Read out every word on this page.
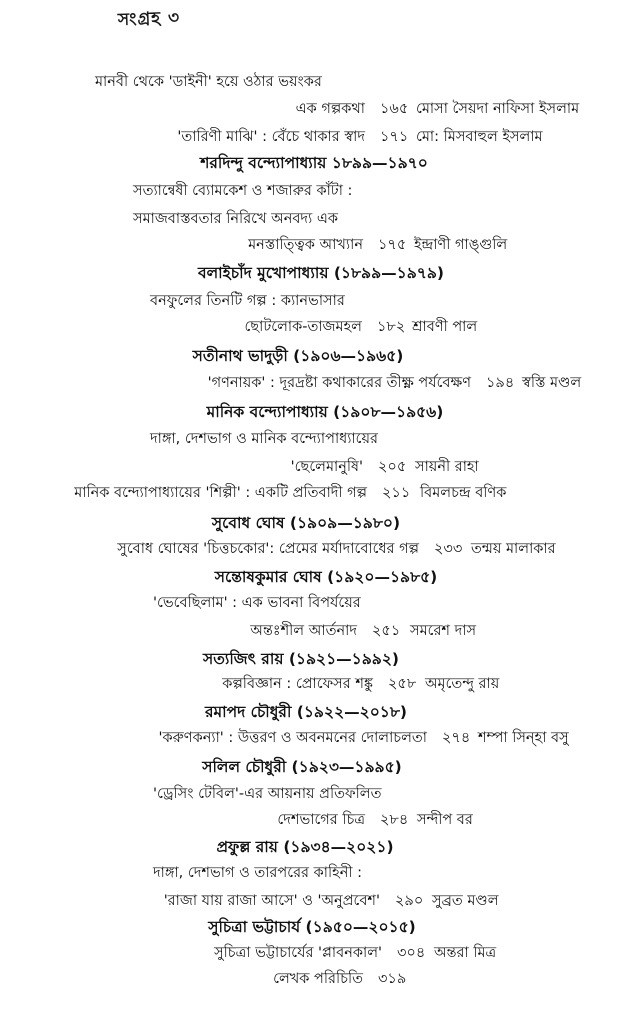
সংগ্রহ ৩
মানবী থেকে 'ডাইনী' হয়ে ওঠার ভয়ংকর
এক গল্পকথা ১৬৫ মোসা সৈয়দা নাফিসা ইসলাম
'তারিণী মাঝি' : বেঁচে থাকার স্বাদ ১৭১ মো: মিসবাহুল ইসলাম
শরদিন্দু বন্দ্যোপাধ্যায় ১৮৯৯—১৯৭০
সত্যান্বেষী ব্যোমকেশ ও শজারুর কাঁটা :
সমাজবাস্তবতার নিরিখে অনবদ্য এক
মনস্তাত্ত্বিক আখ্যান ১৭৫ ইন্দ্রাণী গাঙ্গুলি
বলাইচাঁদ মুখোপাধ্যায় (১৮৯৯—১৯৭৯)
বনফুলের তিনটি গল্প : ক্যানভাসার
ছোটলোক-তাজমহল ১৮২ শ্রাবণী পাল
সতীনাথ ভাদুড়ী (১৯০৬—১৯৬৫)
'গণনায়ক' : দূরদ্রষ্টা কথাকারের তীক্ষ্ণ পর্যবেক্ষণ ১৯৪ স্বস্তি মণ্ডল
মানিক বন্দ্যোপাধ্যায় (১৯০৮—১৯৫৬)
দাঙ্গা, দেশভাগ ও মানিক বন্দ্যোপাধ্যায়ের
'ছেলেমানুষি' ২০৫ সায়নী রাহা
মানিক বন্দ্যোপাধ্যায়ের 'শিল্পী' : একটি প্রতিবাদী গল্প ২১১ বিমলচন্দ্র বণিক
সুবোধ ঘোষ (১৯০৯—১৯৮০)
সুবোধ ঘোষের 'চিত্তচকোর': প্রেমের মর্যাদাবোধের গল্প ২৩৩ তন্ময় মালাকার
সন্তোষকুমার ঘোষ (১৯২০—১৯৮৫)
'ভেবেছিলাম' : এক ভাবনা বিপর্যয়ের
অন্তঃশীল আর্তনাদ ২৫১ সমরেশ দাস
সত্যজিৎ রায় (১৯২১—১৯৯২)
কল্পবিজ্ঞান : প্রোফেসর শঙ্কু ২৫৮ অমৃতেন্দু রায়
রমাপদ চৌধুরী (১৯২২—২০১৮)
'করুণকন্যা' : উত্তরণ ও অবনমনের দোলাচলতা ২৭৪ শম্পা সিন্হা বসু
সলিল চৌধুরী (১৯২৩—১৯৯৫)
'ড্রেসিং টেবিল'-এর আয়নায় প্রতিফলিত
দেশভাগের চিত্র ২৮৪ সন্দীপ বর
প্রফুল্ল রায় (১৯৩৪—২০২১)
দাঙ্গা, দেশভাগ ও তারপরের কাহিনী :
'রাজা যায় রাজা আসে' ও 'অনুপ্রবেশ' ২৯০ সুব্রত মণ্ডল
সুচিত্রা ভট্টাচার্য (১৯৫০—২০১৫)
সুচিত্রা ভট্টাচার্যের 'প্লাবনকাল' ৩০৪ অন্তরা মিত্র
লেখক পরিচিতি ৩১৯
